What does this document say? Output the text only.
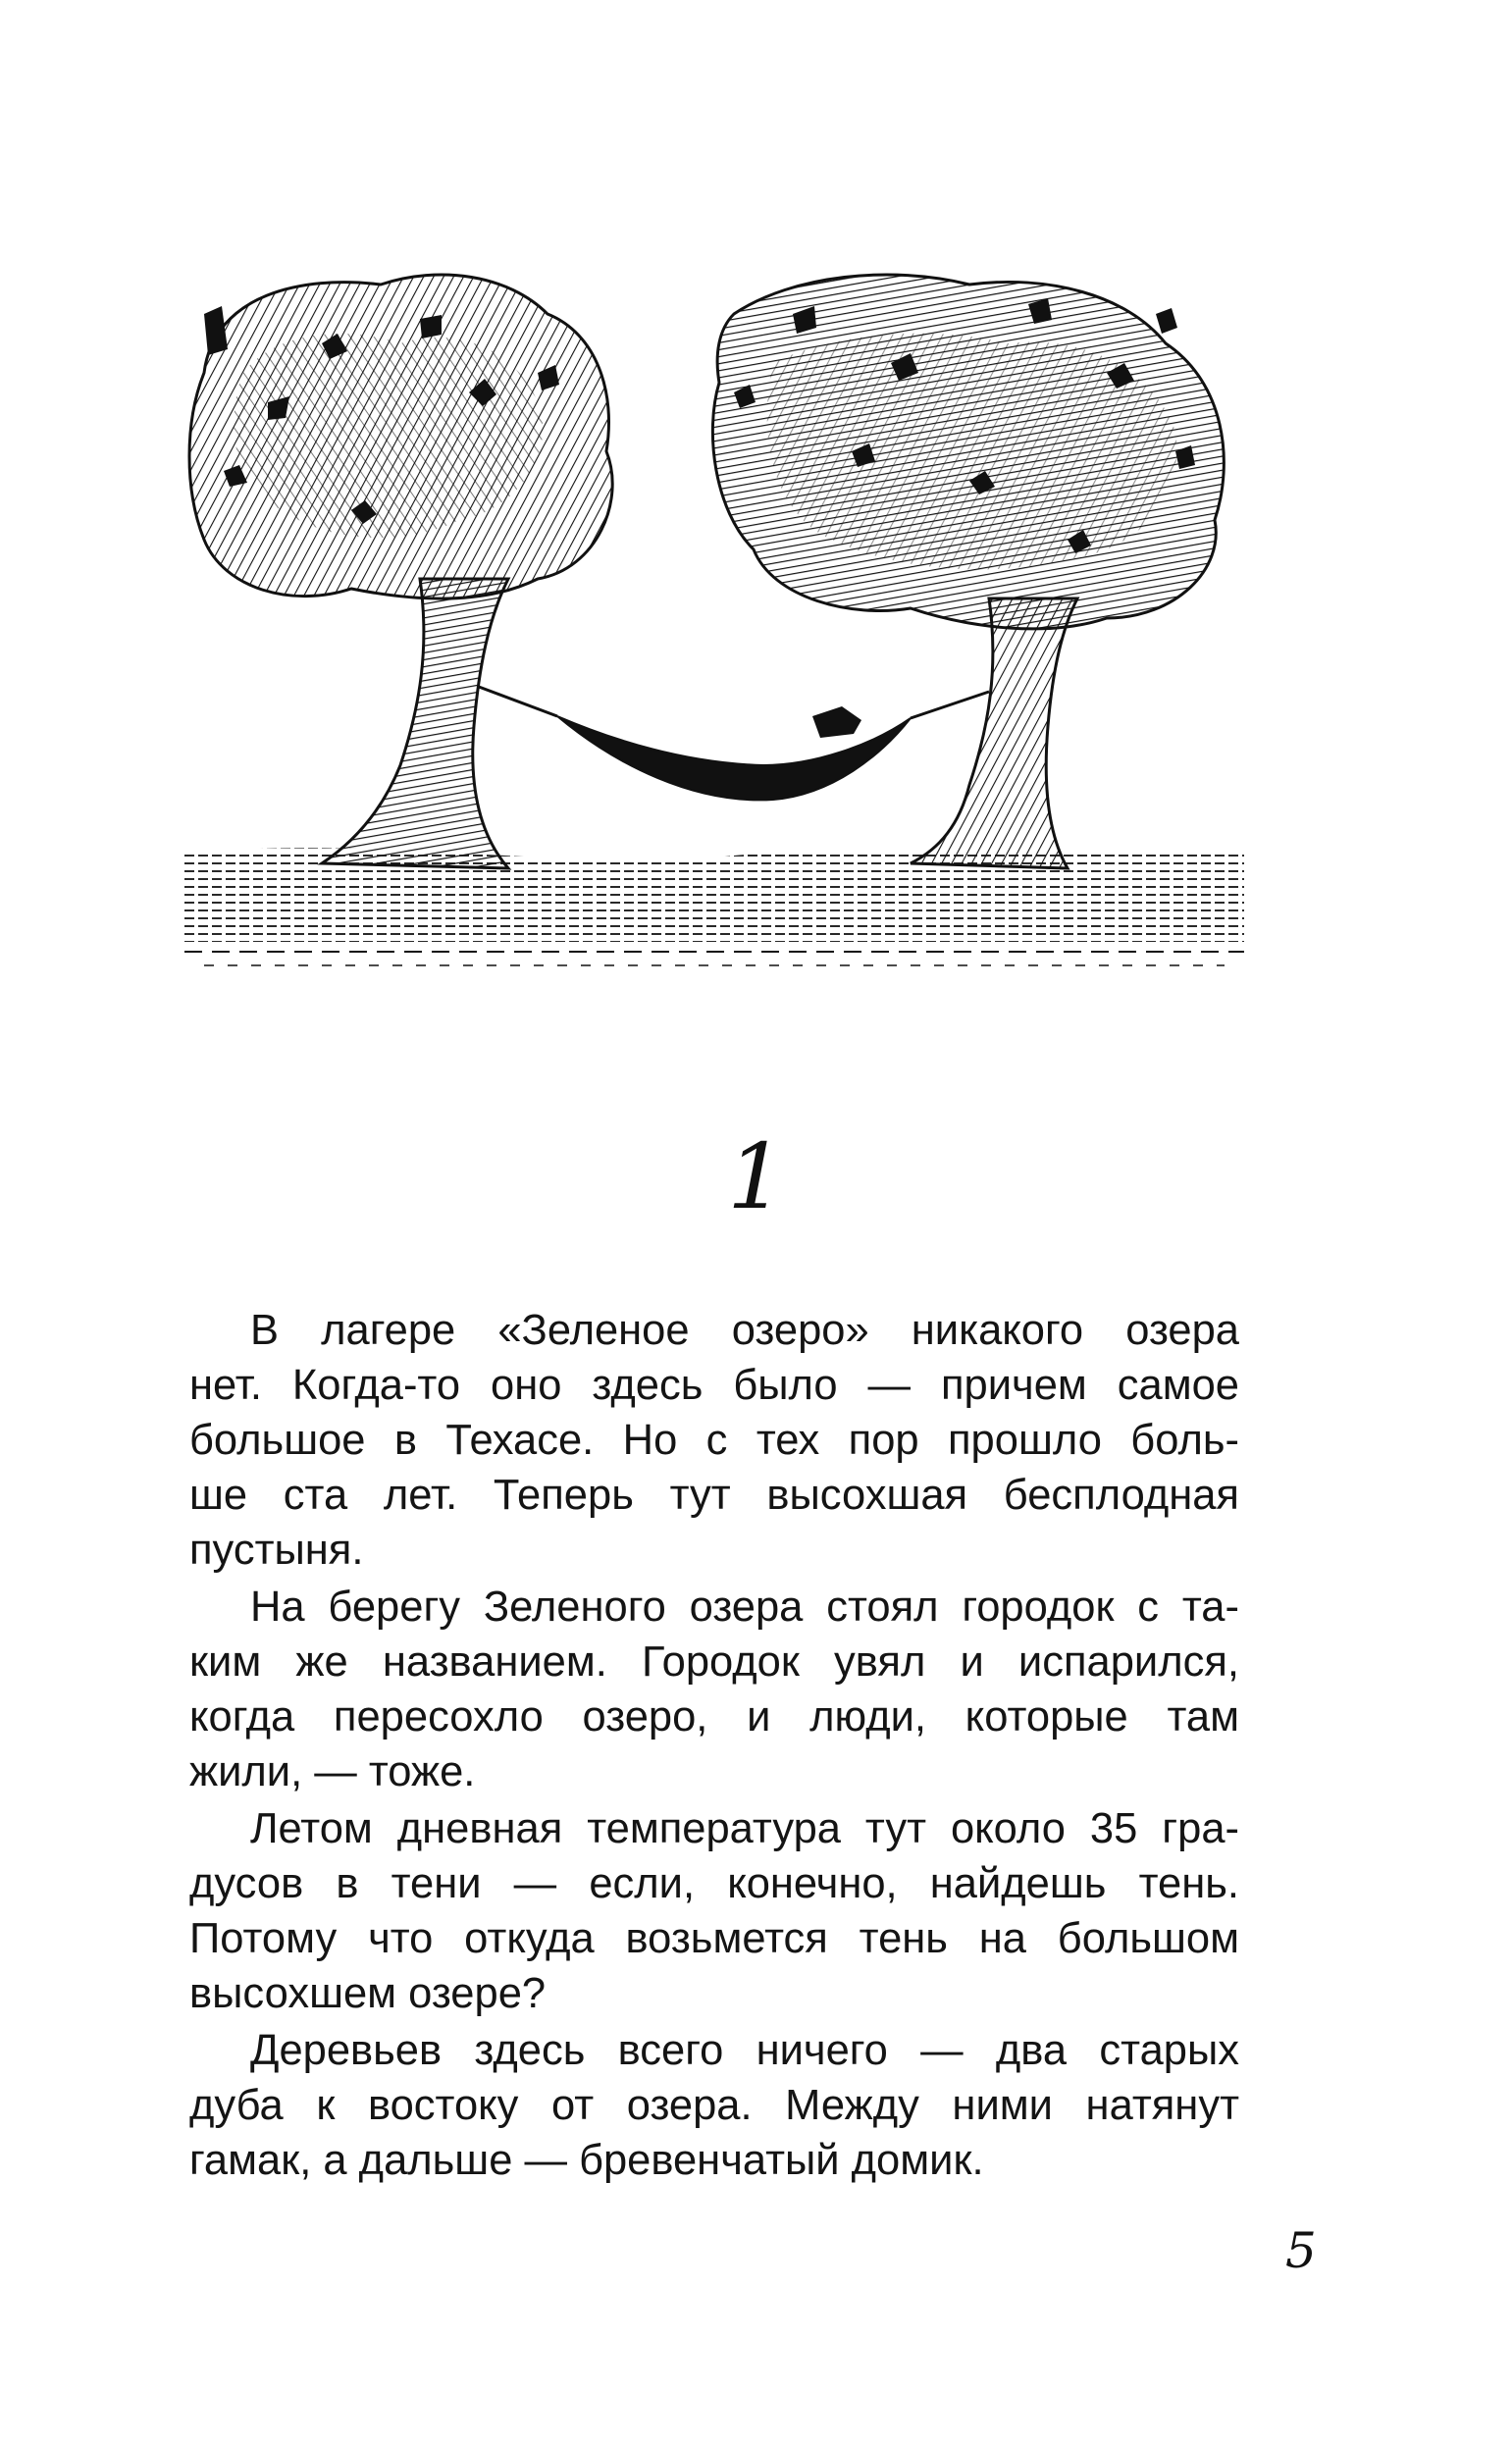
1
В лагере «Зеленое озеро» никакого озера
нет. Когда-то оно здесь было — причем самое
большое в Техасе. Но с тех пор прошло боль-
ше ста лет. Теперь тут высохшая бесплодная
пустыня.
На берегу Зеленого озера стоял городок с та-
ким же названием. Городок увял и испарился,
когда пересохло озеро, и люди, которые там
жили, — тоже.
Летом дневная температура тут около 35 гра-
дусов в тени — если, конечно, найдешь тень.
Потому что откуда возьмется тень на большом
высохшем озере?
Деревьев здесь всего ничего — два старых
дуба к востоку от озера. Между ними натянут
гамак, а дальше — бревенчатый домик.
5
